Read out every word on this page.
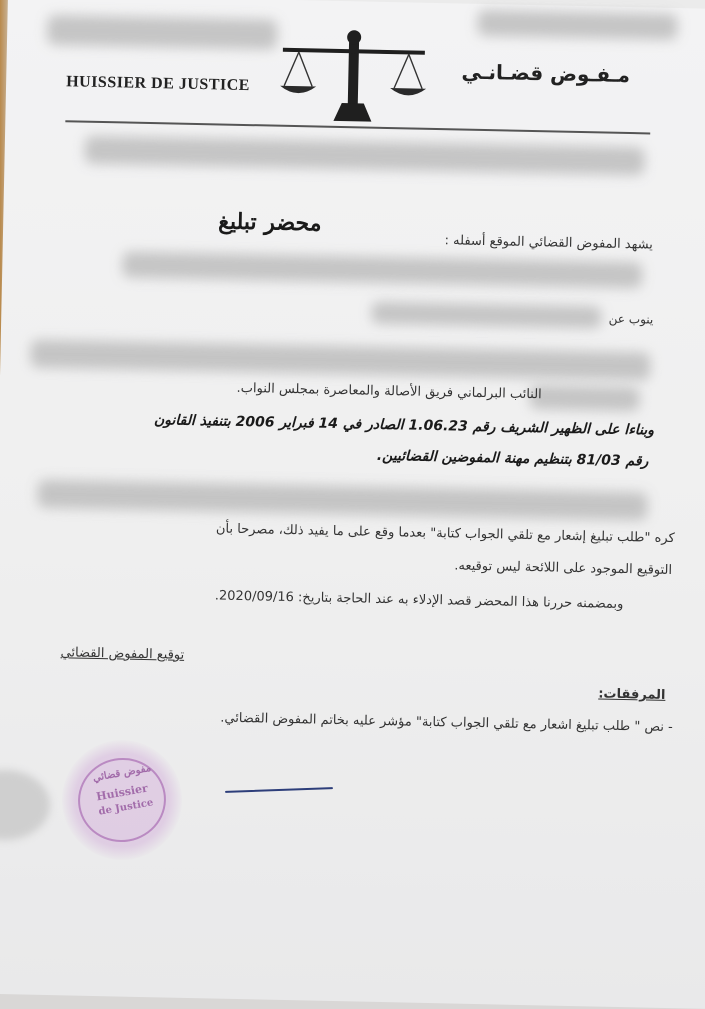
HUISSIER DE JUSTICE	مـفـوض قضـانـي
محضر تبليغ
يشهد المفوض القضائي الموقع أسفله :
ينوب عن
النائب البرلماني فريق الأصالة والمعاصرة بمجلس النواب.
وبناءا على الظهير الشريف رقم 1.06.23 الصادر في 14 فبراير 2006 بتنفيذ القانون
رقم 81/03 بتنظيم مهنة المفوضين القضائيين.
كره "طلب تبليغ إشعار مع تلقي الجواب كتابة" بعدما وقع على ما يفيد ذلك، مصرحا بأن
التوقيع الموجود على اللائحة ليس توقيعه.
وبمضمنه حررنا هذا المحضر قصد الإدلاء به عند الحاجة بتاريخ: 2020/09/16.
توقيع المفوض القضائي
المرفقات:
- نص " طلب تبليغ اشعار مع تلقي الجواب كتابة" مؤشر عليه بخاتم المفوض القضائي.
مفوض قضائي
Huissier
de Justice
